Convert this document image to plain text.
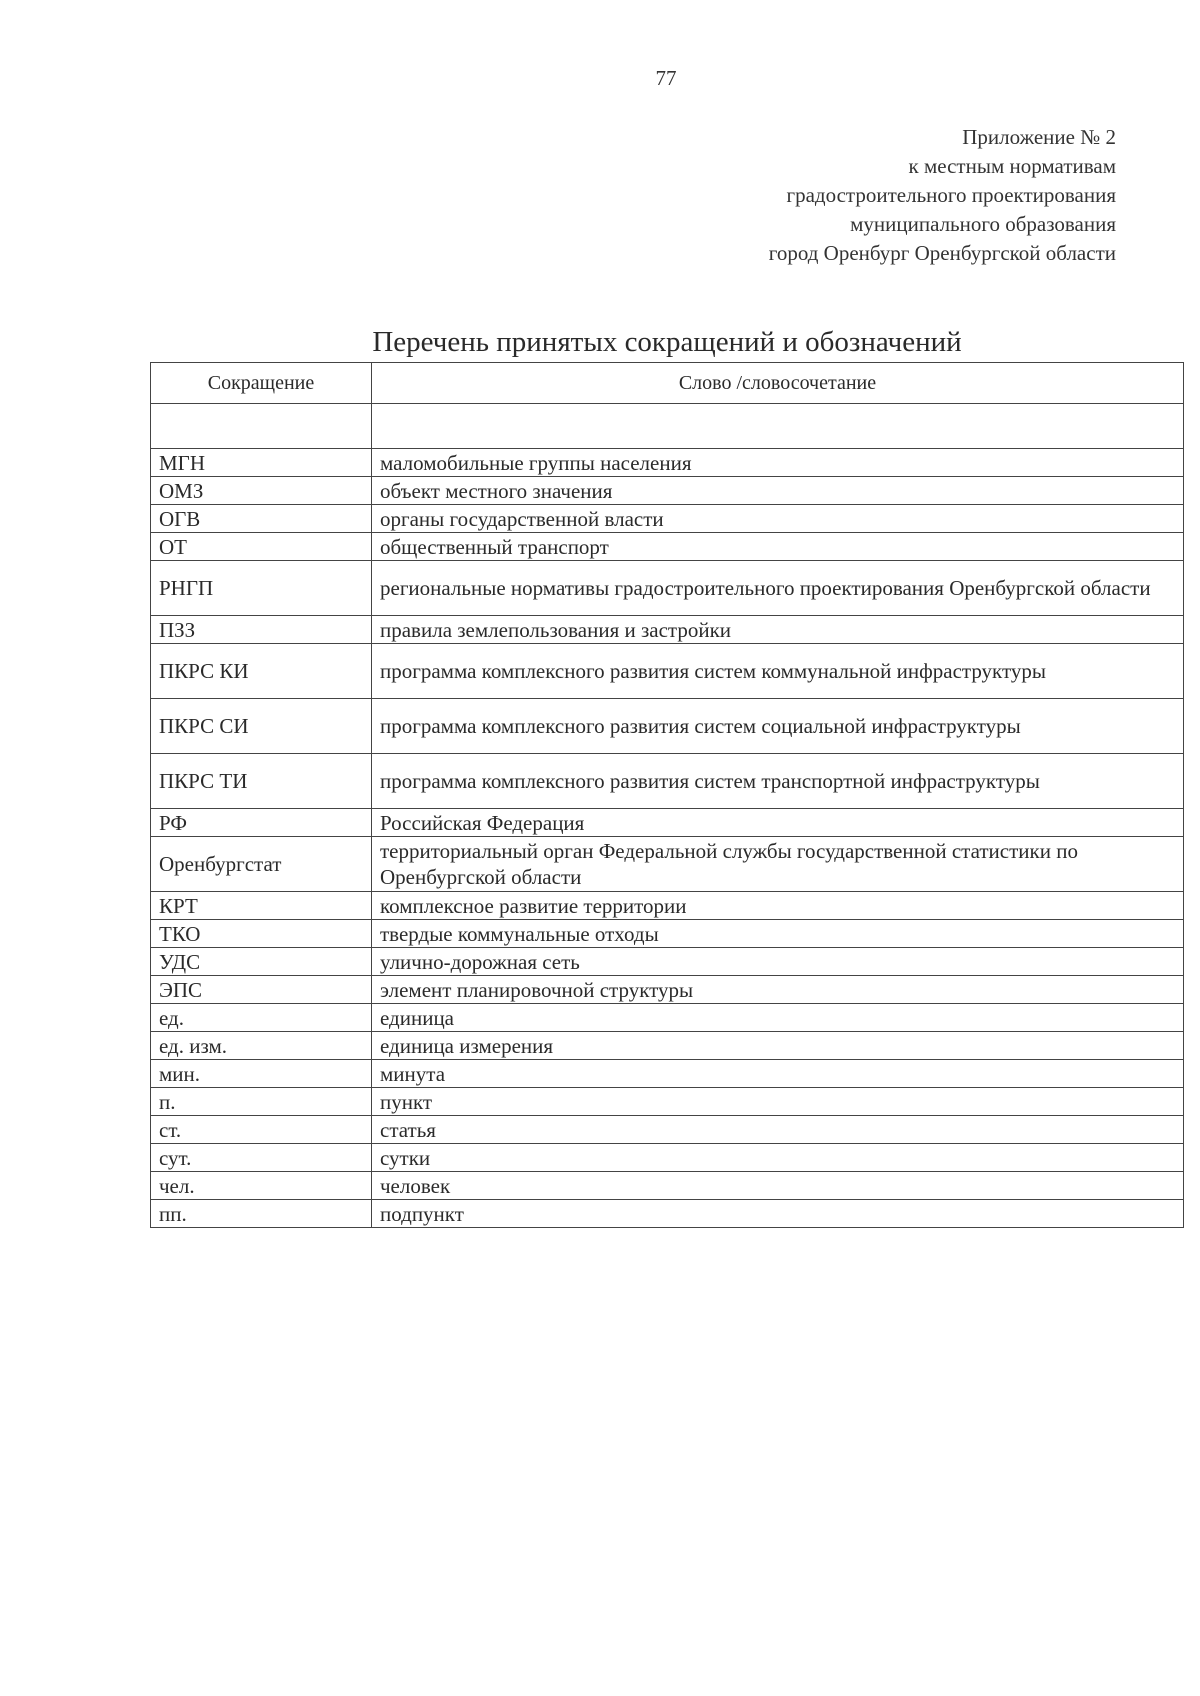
77
Приложение № 2
к местным нормативам
градостроительного проектирования
муниципального образования
город Оренбург Оренбургской области
Перечень принятых сокращений и обозначений
Сокращение	Слово /словосочетание

МГН	маломобильные группы населения
ОМЗ	объект местного значения
ОГВ	органы государственной власти
ОТ	общественный транспорт
РНГП	региональные нормативы градостроительного проектирования Оренбургской области
ПЗЗ	правила землепользования и застройки
ПКРС КИ	программа комплексного развития систем коммунальной инфраструктуры
ПКРС СИ	программа комплексного развития систем социальной инфраструктуры
ПКРС ТИ	программа комплексного развития систем транспортной инфраструктуры
РФ	Российская Федерация
Оренбургстат	территориальный орган Федеральной службы государственной статистики по Оренбургской области
КРТ	комплексное развитие территории
ТКО	твердые коммунальные отходы
УДС	улично-дорожная сеть
ЭПС	элемент планировочной структуры
ед.	единица
ед. изм.	единица измерения
мин.	минута
п.	пункт
ст.	статья
сут.	сутки
чел.	человек
пп.	подпункт
